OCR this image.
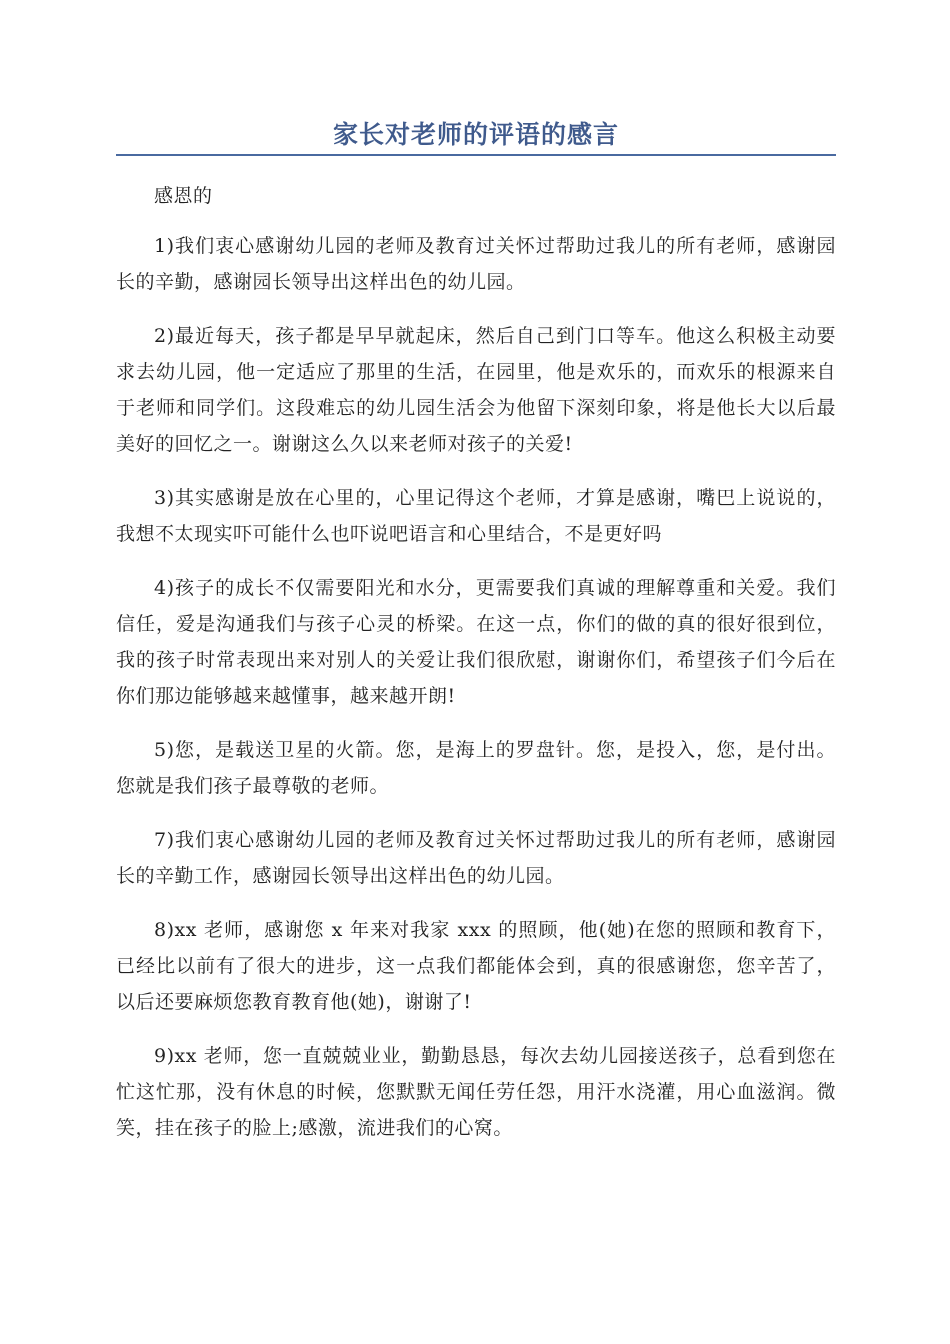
家长对老师的评语的感言

感恩的

1)我们衷心感谢幼儿园的老师及教育过关怀过帮助过我儿的所有老师，感谢园长的辛勤，感谢园长领导出这样出色的幼儿园。

2)最近每天，孩子都是早早就起床，然后自己到门口等车。他这么积极主动要求去幼儿园，他一定适应了那里的生活，在园里，他是欢乐的，而欢乐的根源来自于老师和同学们。这段难忘的幼儿园生活会为他留下深刻印象，将是他长大以后最美好的回忆之一。谢谢这么久以来老师对孩子的关爱!

3)其实感谢是放在心里的，心里记得这个老师，才算是感谢，嘴巴上说说的，我想不太现实吓可能什么也吓说吧语言和心里结合，不是更好吗

4)孩子的成长不仅需要阳光和水分，更需要我们真诚的理解尊重和关爱。我们信任，爱是沟通我们与孩子心灵的桥梁。在这一点，你们的做的真的很好很到位，我的孩子时常表现出来对别人的关爱让我们很欣慰，谢谢你们，希望孩子们今后在你们那边能够越来越懂事，越来越开朗!

5)您，是载送卫星的火箭。您，是海上的罗盘针。您，是投入，您，是付出。您就是我们孩子最尊敬的老师。

7)我们衷心感谢幼儿园的老师及教育过关怀过帮助过我儿的所有老师，感谢园长的辛勤工作，感谢园长领导出这样出色的幼儿园。

8)xx 老师，感谢您 x 年来对我家 xxx 的照顾，他(她)在您的照顾和教育下，已经比以前有了很大的进步，这一点我们都能体会到，真的很感谢您，您辛苦了，以后还要麻烦您教育教育他(她)，谢谢了!

9)xx 老师，您一直兢兢业业，勤勤恳恳，每次去幼儿园接送孩子，总看到您在忙这忙那，没有休息的时候，您默默无闻任劳任怨，用汗水浇灌，用心血滋润。微笑，挂在孩子的脸上;感激，流进我们的心窝。
